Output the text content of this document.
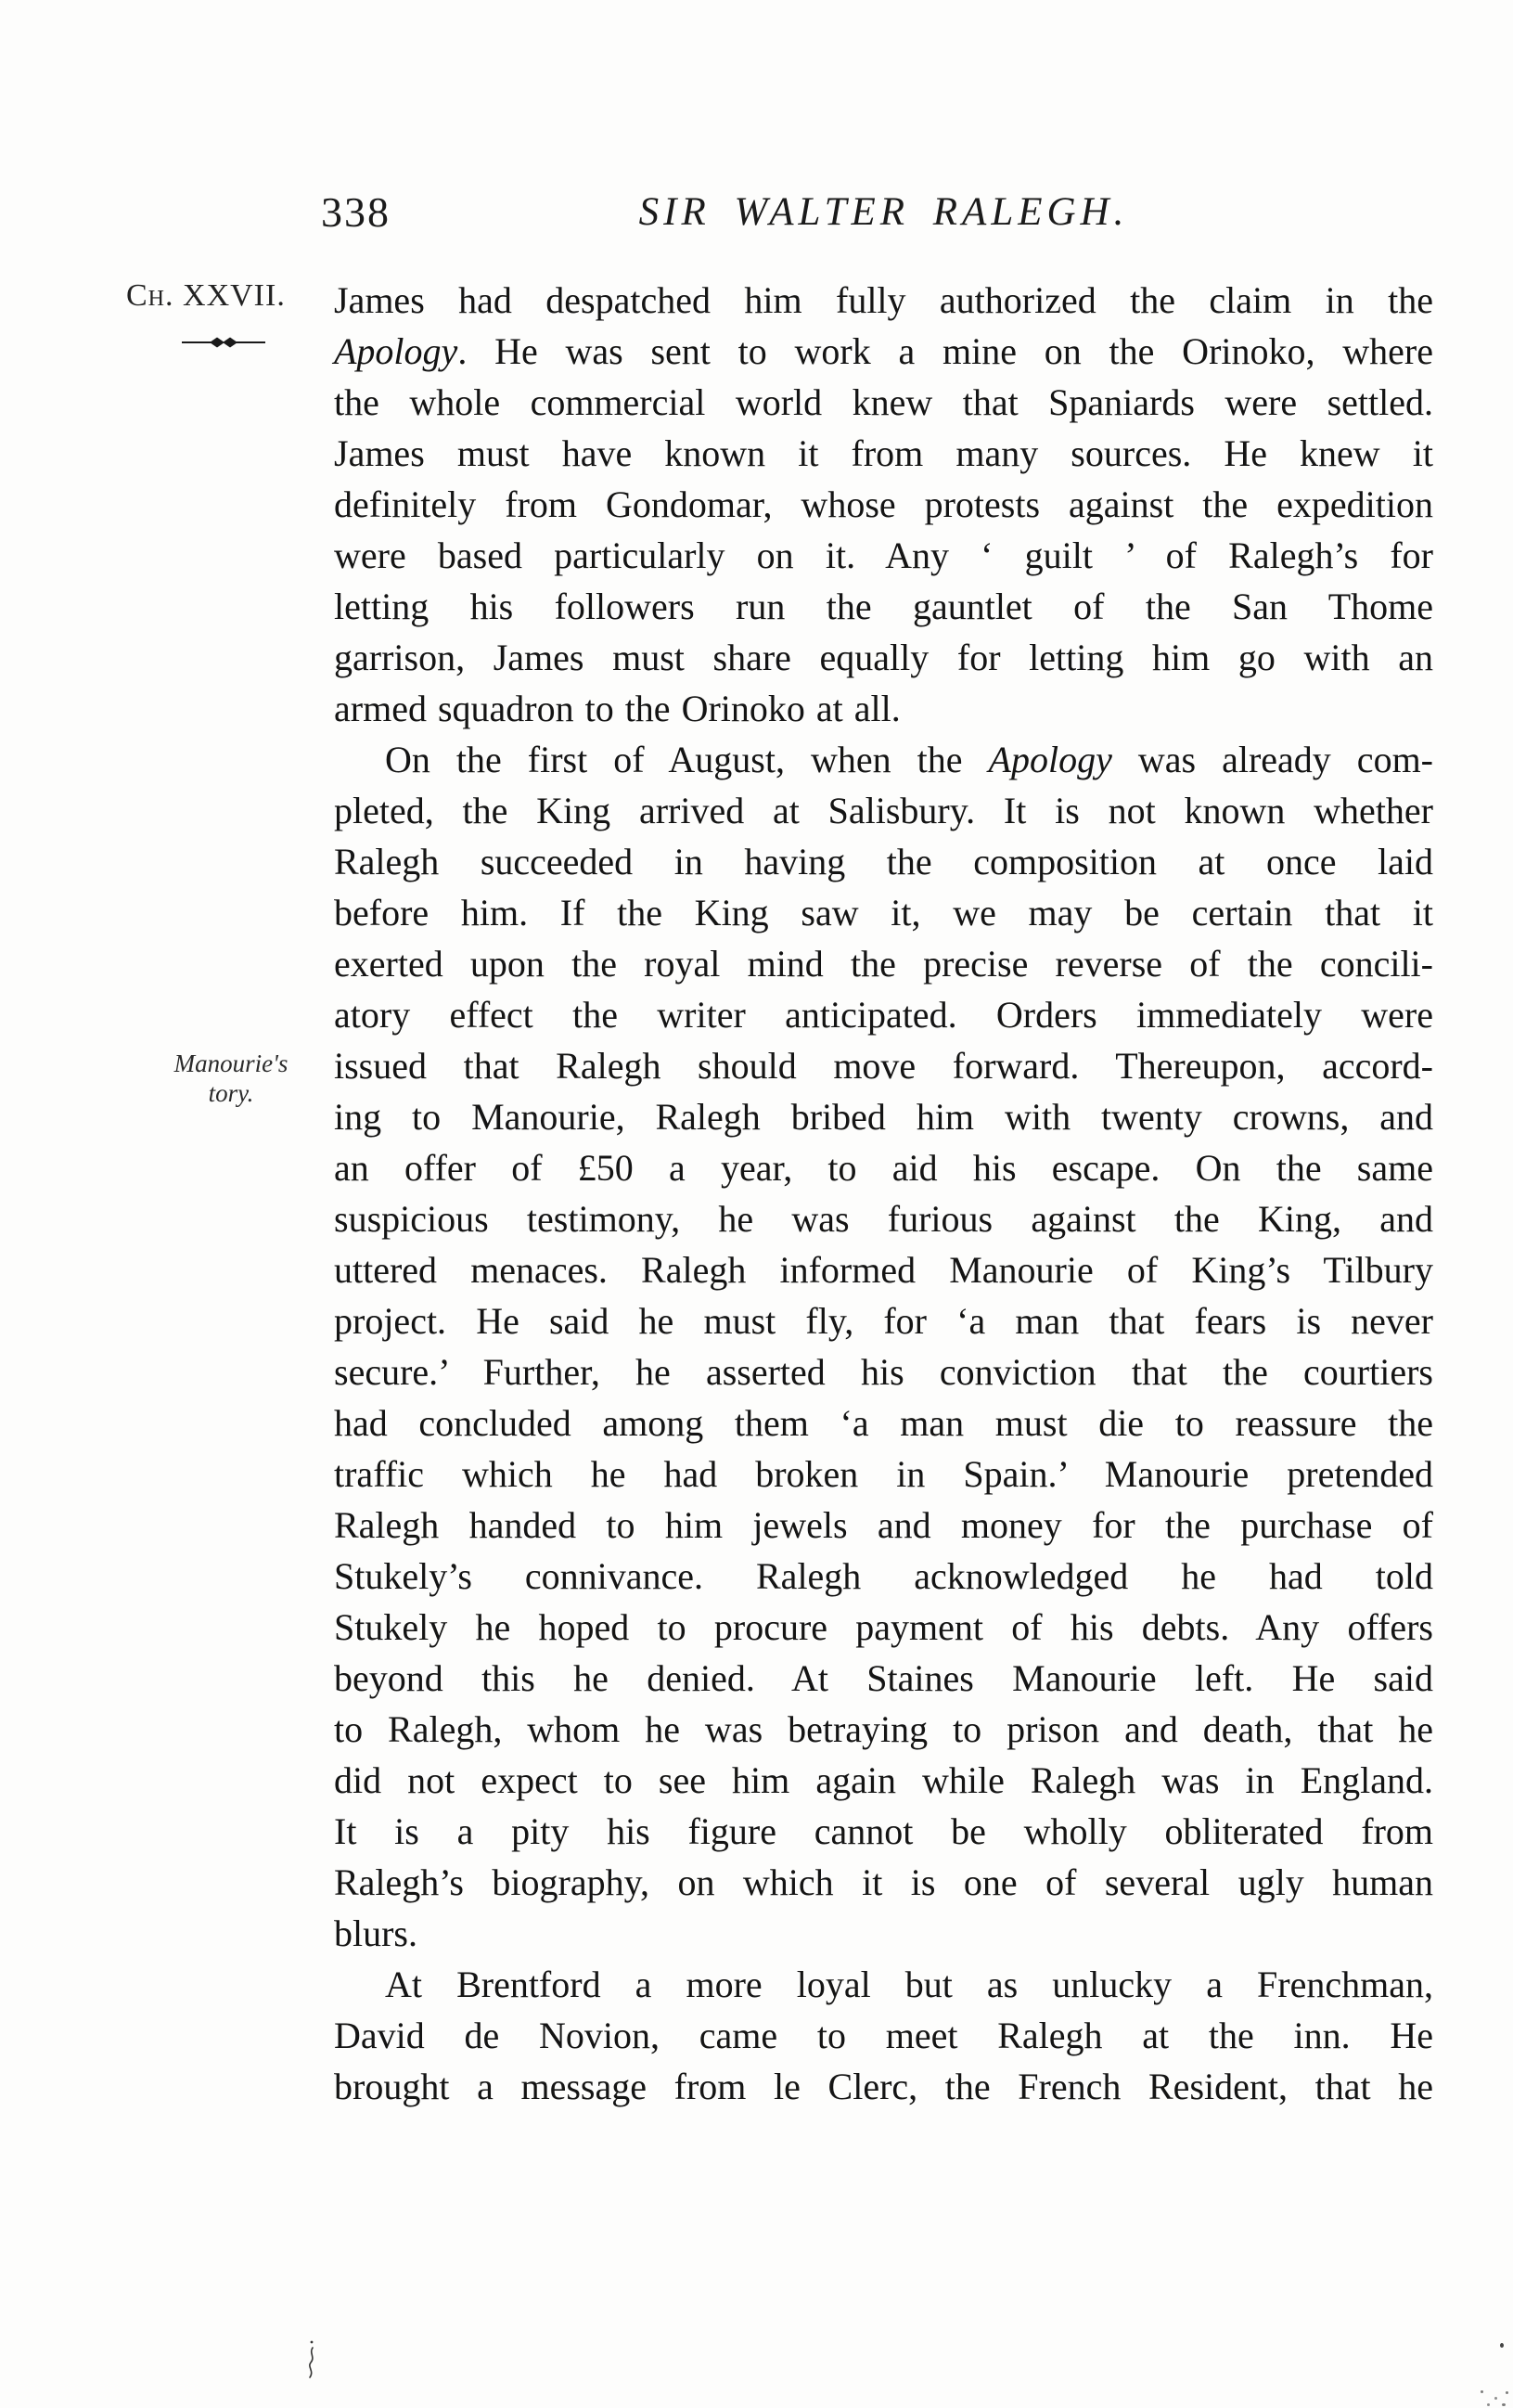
338	SIR WALTER RALEGH.
Ch. XXVII.
Manourie's
tory.
James had despatched him fully authorized the claim in the
Apology. He was sent to work a mine on the Orinoko, where
the whole commercial world knew that Spaniards were settled.
James must have known it from many sources. He knew it
definitely from Gondomar, whose protests against the expedition
were based particularly on it. Any ‘ guilt ’ of Ralegh’s for
letting his followers run the gauntlet of the San Thome
garrison, James must share equally for letting him go with an
armed squadron to the Orinoko at all.
On the first of August, when the Apology was already com-
pleted, the King arrived at Salisbury. It is not known whether
Ralegh succeeded in having the composition at once laid
before him. If the King saw it, we may be certain that it
exerted upon the royal mind the precise reverse of the concili-
atory effect the writer anticipated. Orders immediately were
issued that Ralegh should move forward. Thereupon, accord-
ing to Manourie, Ralegh bribed him with twenty crowns, and
an offer of £50 a year, to aid his escape. On the same
suspicious testimony, he was furious against the King, and
uttered menaces. Ralegh informed Manourie of King’s Tilbury
project. He said he must fly, for ‘a man that fears is never
secure.’ Further, he asserted his conviction that the courtiers
had concluded among them ‘a man must die to reassure the
traffic which he had broken in Spain.’ Manourie pretended
Ralegh handed to him jewels and money for the purchase of
Stukely’s connivance. Ralegh acknowledged he had told
Stukely he hoped to procure payment of his debts. Any offers
beyond this he denied. At Staines Manourie left. He said
to Ralegh, whom he was betraying to prison and death, that he
did not expect to see him again while Ralegh was in England.
It is a pity his figure cannot be wholly obliterated from
Ralegh’s biography, on which it is one of several ugly human
blurs.
At Brentford a more loyal but as unlucky a Frenchman,
David de Novion, came to meet Ralegh at the inn. He
brought a message from le Clerc, the French Resident, that he
